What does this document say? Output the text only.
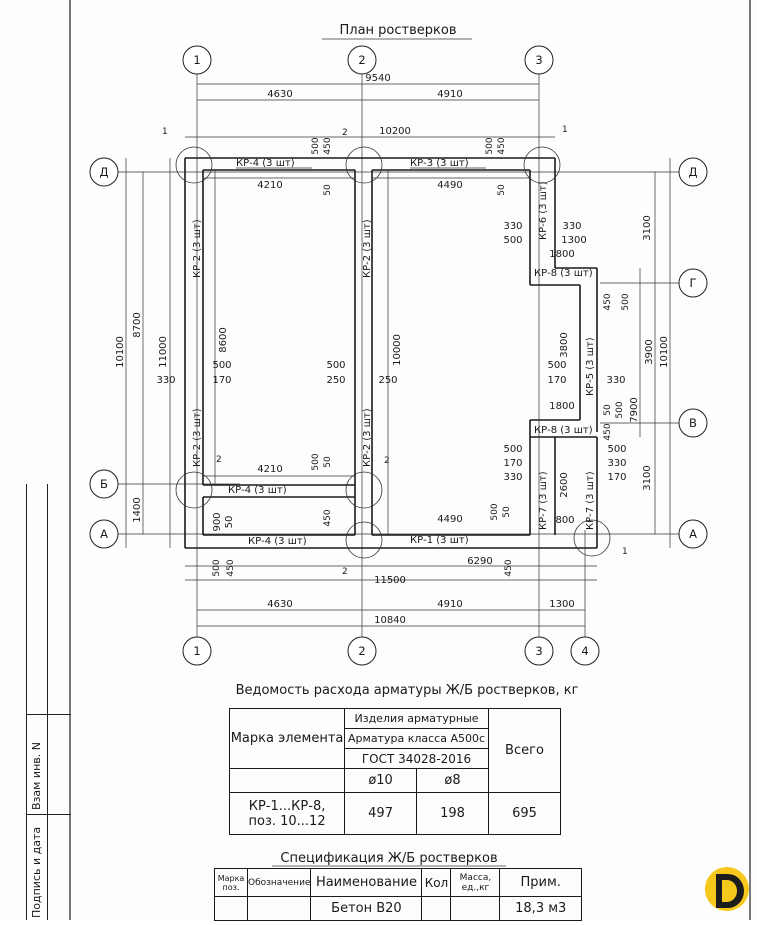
План ростверков
1	2	3
1	2	3	4
Д
Б
А
Д
Г
В
А
9540
4630	4910
10200
1	2	1
2	2
2
1
КР-4 (3 шт)	КР-3 (3 шт)
КР-6 (3 шт)
КР-8 (3 шт)
КР-5 (3 шт)
КР-8 (3 шт)
КР-2 (3 шт)	КР-2 (3 шт)
КР-2 (3 шт)	КР-2 (3 шт)
КР-4 (3 шт)
КР-4 (3 шт)	КР-1 (3 шт)
КР-7 (3 шт)	КР-7 (3 шт)
4210	4490
8600	10000
500
170
500
250	250
4210
4490
330	330
500	1300
1800
3800
500
170	330
1800
500
170
330
500
330
170
2600
800
900 50
500 450
50
500 450
50
500 50
450	500 50
450 500
50 500
450
500 450	450
6290
11500
4630	4910	1300
10840
10100
8700
1400
11000
330
3100
3900
3100
10100
7900
Ведомость расхода арматуры Ж/Б ростверков, кг
Спецификация Ж/Б ростверков
Марка элемента	Изделия арматурные		Всего
	Арматура класса А500с		
	ГОСТ 34028-2016		
	ø10	ø8	
КР-1...КР-8, поз. 10...12	497	198	695
Марка поз.	Обозначение	Наименование	Кол	Масса, ед.,кг	Прим.
		Бетон В20			18,3 м3
Взам инв. N
Подпись и дата
